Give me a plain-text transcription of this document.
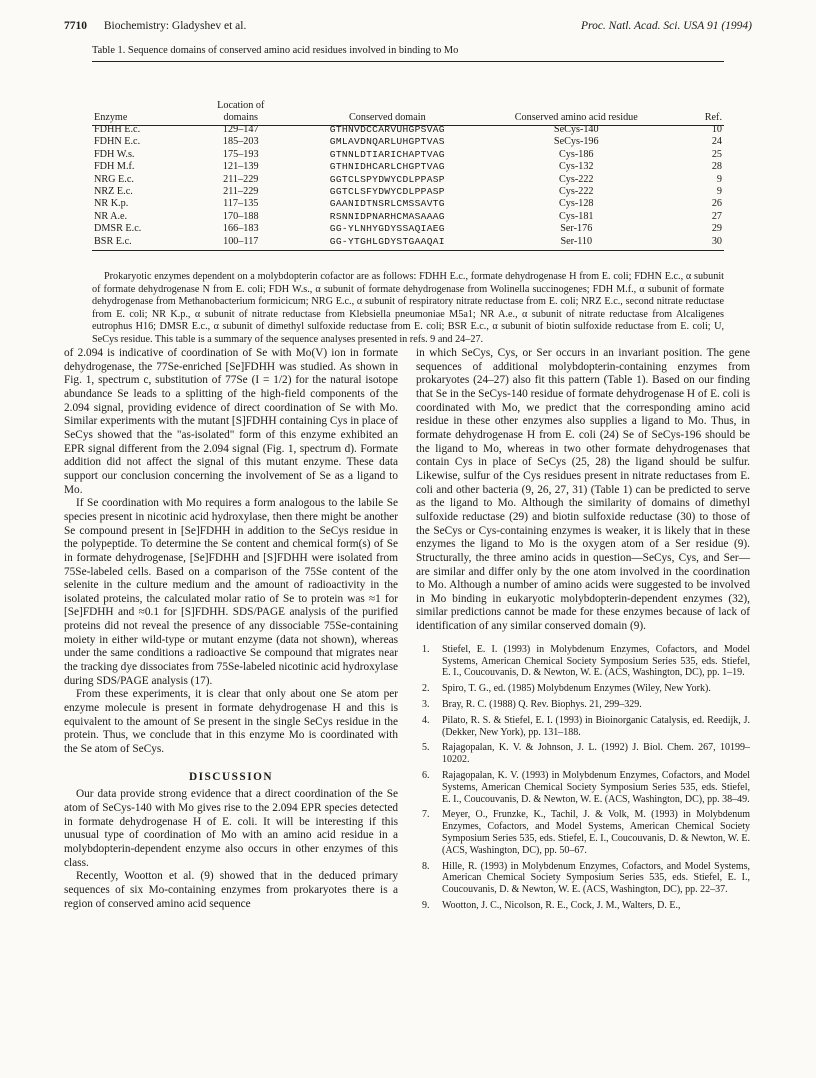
7710 Biochemistry: Gladyshev et al.	Proc. Natl. Acad. Sci. USA 91 (1994)
Table 1. Sequence domains of conserved amino acid residues involved in binding to Mo
Enzyme	Location of domains	Conserved domain	Conserved amino acid residue	Ref.
FDHH E.c.	129–147	GTHNVDCCARVUHGPSVAG	SeCys-140	10
FDHN E.c.	185–203	GMLAVDNQARLUHGPTVAS	SeCys-196	24
FDH W.s.	175–193	GTNNLDTIARICHAPTVAG	Cys-186	25
FDH M.f.	121–139	GTHNIDHCARLCHGPTVAG	Cys-132	28
NRG E.c.	211–229	GGTCLSPYDWYCDLPPASP	Cys-222	9
NRZ E.c.	211–229	GGTCLSFYDWYCDLPPASP	Cys-222	9
NR K.p.	117–135	GAANIDTNSRLCMSSAVTG	Cys-128	26
NR A.e.	170–188	RSNNIDPNARHCMASAAAG	Cys-181	27
DMSR E.c.	166–183	GG-YLNHYGDYSSAQIAEG	Ser-176	29
BSR E.c.	100–117	GG-YTGHLGDYSTGAAQAI	Ser-110	30
Prokaryotic enzymes dependent on a molybdopterin cofactor are as follows: FDHH E.c., formate dehydrogenase H from E. coli; FDHN E.c., α subunit of formate dehydrogenase N from E. coli; FDH W.s., α subunit of formate dehydrogenase from Wolinella succinogenes; FDH M.f., α subunit of formate dehydrogenase from Methanobacterium formicicum; NRG E.c., α subunit of respiratory nitrate reductase from E. coli; NRZ E.c., second nitrate reductase from E. coli; NR K.p., α subunit of nitrate reductase from Klebsiella pneumoniae M5a1; NR A.e., α subunit of nitrate reductase from Alcaligenes eutrophus H16; DMSR E.c., α subunit of dimethyl sulfoxide reductase from E. coli; BSR E.c., α subunit of biotin sulfoxide reductase from E. coli; U, SeCys residue. This table is a summary of the sequence analyses presented in refs. 9 and 24–27.

of 2.094 is indicative of coordination of Se with Mo(V) ion in formate dehydrogenase, the 77Se-enriched [Se]FDHH was studied. As shown in Fig. 1, spectrum c, substitution of 77Se (I = 1/2) for the natural isotope abundance Se leads to a splitting of the high-field components of the 2.094 signal, providing evidence of direct coordination of Se with Mo. Similar experiments with the mutant [S]FDHH containing Cys in place of SeCys showed that the "as-isolated" form of this enzyme exhibited an EPR signal different from the 2.094 signal (Fig. 1, spectrum d). Formate addition did not affect the signal of this mutant enzyme. These data support our conclusion concerning the involvement of Se as a ligand to Mo.

If Se coordination with Mo requires a form analogous to the labile Se species present in nicotinic acid hydroxylase, then there might be another Se compound present in [Se]FDHH in addition to the SeCys residue in the polypeptide. To determine the Se content and chemical form(s) of Se in formate dehydrogenase, [Se]FDHH and [S]FDHH were isolated from 75Se-labeled cells. Based on a comparison of the 75Se content of the selenite in the culture medium and the amount of radioactivity in the isolated proteins, the calculated molar ratio of Se to protein was ≈1 for [Se]FDHH and ≈0.1 for [S]FDHH. SDS/PAGE analysis of the purified proteins did not reveal the presence of any dissociable 75Se-containing moiety in either wild-type or mutant enzyme (data not shown), whereas under the same conditions a radioactive Se compound that migrates near the tracking dye dissociates from 75Se-labeled nicotinic acid hydroxylase during SDS/PAGE analysis (17).

From these experiments, it is clear that only about one Se atom per enzyme molecule is present in formate dehydrogenase H and this is equivalent to the amount of Se present in the single SeCys residue in the protein. Thus, we conclude that in this enzyme Mo is coordinated with the Se atom of SeCys.

DISCUSSION

Our data provide strong evidence that a direct coordination of the Se atom of SeCys-140 with Mo gives rise to the 2.094 EPR species detected in formate dehydrogenase H of E. coli. It will be interesting if this unusual type of coordination of Mo with an amino acid residue in a molybdopterin-dependent enzyme also occurs in other enzymes of this class.

Recently, Wootton et al. (9) showed that in the deduced primary sequences of six Mo-containing enzymes from prokaryotes there is a region of conserved amino acid sequence

in which SeCys, Cys, or Ser occurs in an invariant position. The gene sequences of additional molybdopterin-containing enzymes from prokaryotes (24–27) also fit this pattern (Table 1). Based on our finding that Se in the SeCys-140 residue of formate dehydrogenase H of E. coli is coordinated with Mo, we predict that the corresponding amino acid residue in these other enzymes also supplies a ligand to Mo. Thus, in formate dehydrogenase H from E. coli (24) Se of SeCys-196 should be the ligand to Mo, whereas in two other formate dehydrogenases that contain Cys in place of SeCys (25, 28) the ligand should be sulfur. Likewise, sulfur of the Cys residues present in nitrate reductases from E. coli and other bacteria (9, 26, 27, 31) (Table 1) can be predicted to serve as the ligand to Mo. Although the similarity of domains of dimethyl sulfoxide reductase (29) and biotin sulfoxide reductase (30) to those of the SeCys or Cys-containing enzymes is weaker, it is likely that in these enzymes the ligand to Mo is the oxygen atom of a Ser residue (9). Structurally, the three amino acids in question—SeCys, Cys, and Ser—are similar and differ only by the one atom involved in the coordination to Mo. Although a number of amino acids were suggested to be involved in Mo binding in eukaryotic molybdopterin-dependent enzymes (32), similar predictions cannot be made for these enzymes because of lack of identification of any similar conserved domain (9).

1. Stiefel, E. I. (1993) in Molybdenum Enzymes, Cofactors, and Model Systems, American Chemical Society Symposium Series 535, eds. Stiefel, E. I., Coucouvanis, D. & Newton, W. E. (ACS, Washington, DC), pp. 1–19.
2. Spiro, T. G., ed. (1985) Molybdenum Enzymes (Wiley, New York).
3. Bray, R. C. (1988) Q. Rev. Biophys. 21, 299–329.
4. Pilato, R. S. & Stiefel, E. I. (1993) in Bioinorganic Catalysis, ed. Reedijk, J. (Dekker, New York), pp. 131–188.
5. Rajagopalan, K. V. & Johnson, J. L. (1992) J. Biol. Chem. 267, 10199–10202.
6. Rajagopalan, K. V. (1993) in Molybdenum Enzymes, Cofactors, and Model Systems, American Chemical Society Symposium Series 535, eds. Stiefel, E. I., Coucouvanis, D. & Newton, W. E. (ACS, Washington, DC), pp. 38–49.
7. Meyer, O., Frunzke, K., Tachil, J. & Volk, M. (1993) in Molybdenum Enzymes, Cofactors, and Model Systems, American Chemical Society Symposium Series 535, eds. Stiefel, E. I., Coucouvanis, D. & Newton, W. E. (ACS, Washington, DC), pp. 50–67.
8. Hille, R. (1993) in Molybdenum Enzymes, Cofactors, and Model Systems, American Chemical Society Symposium Series 535, eds. Stiefel, E. I., Coucouvanis, D. & Newton, W. E. (ACS, Washington, DC), pp. 22–37.
9. Wootton, J. C., Nicolson, R. E., Cock, J. M., Walters, D. E.,
